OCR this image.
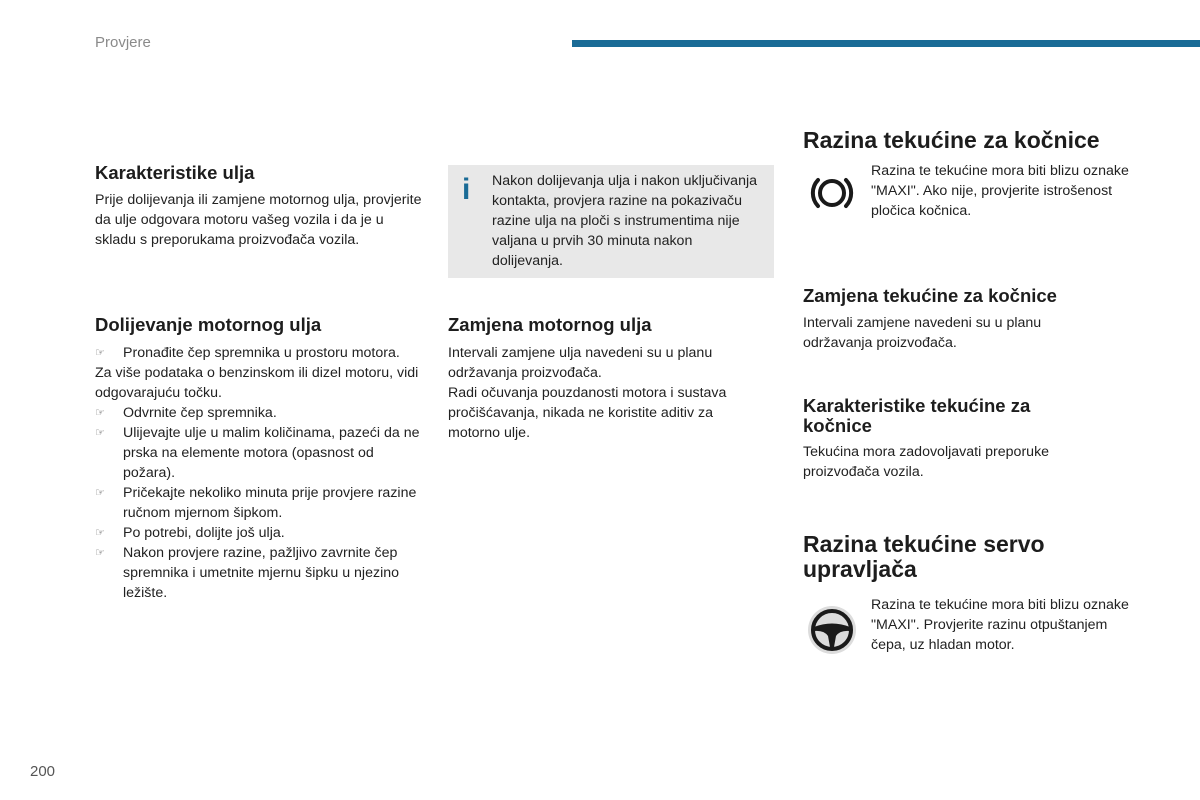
Provjere
Karakteristike ulja

Prije dolijevanja ili zamjene motornog ulja, provjerite da ulje odgovara motoru vašeg vozila i da je u skladu s preporukama proizvođača vozila.

Dolijevanje motornog ulja
☞ Pronađite čep spremnika u prostoru motora.

Za više podataka o benzinskom ili dizel motoru, vidi odgovarajuću točku.

☞ Odvrnite čep spremnika.
☞ Ulijevajte ulje u malim količinama, pazeći da ne prska na elemente motora (opasnost od požara).
☞ Pričekajte nekoliko minuta prije provjere razine ručnom mjernom šipkom.
☞ Po potrebi, dolijte još ulja.
☞ Nakon provjere razine, pažljivo zavrnite čep spremnika i umetnite mjernu šipku u njezino ležište.
i Nakon dolijevanja ulja i nakon uključivanja kontakta, provjera razine na pokazivaču razine ulja na ploči s instrumentima nije valjana u prvih 30 minuta nakon dolijevanja.

Zamjena motornog ulja

Intervali zamjene ulja navedeni su u planu održavanja proizvođača.

Radi očuvanja pouzdanosti motora i sustava pročišćavanja, nikada ne koristite aditiv za motorno ulje.

Razina tekućine za kočnice

Razina te tekućine mora biti blizu oznake "MAXI". Ako nije, provjerite istrošenost pločica kočnica.

Zamjena tekućine za kočnice

Intervali zamjene navedeni su u planu održavanja proizvođača.

Karakteristike tekućine za kočnice

Tekućina mora zadovoljavati preporuke proizvođača vozila.

Razina tekućine servo upravljača

Razina te tekućine mora biti blizu oznake "MAXI". Provjerite razinu otpuštanjem čepa, uz hladan motor.

200
